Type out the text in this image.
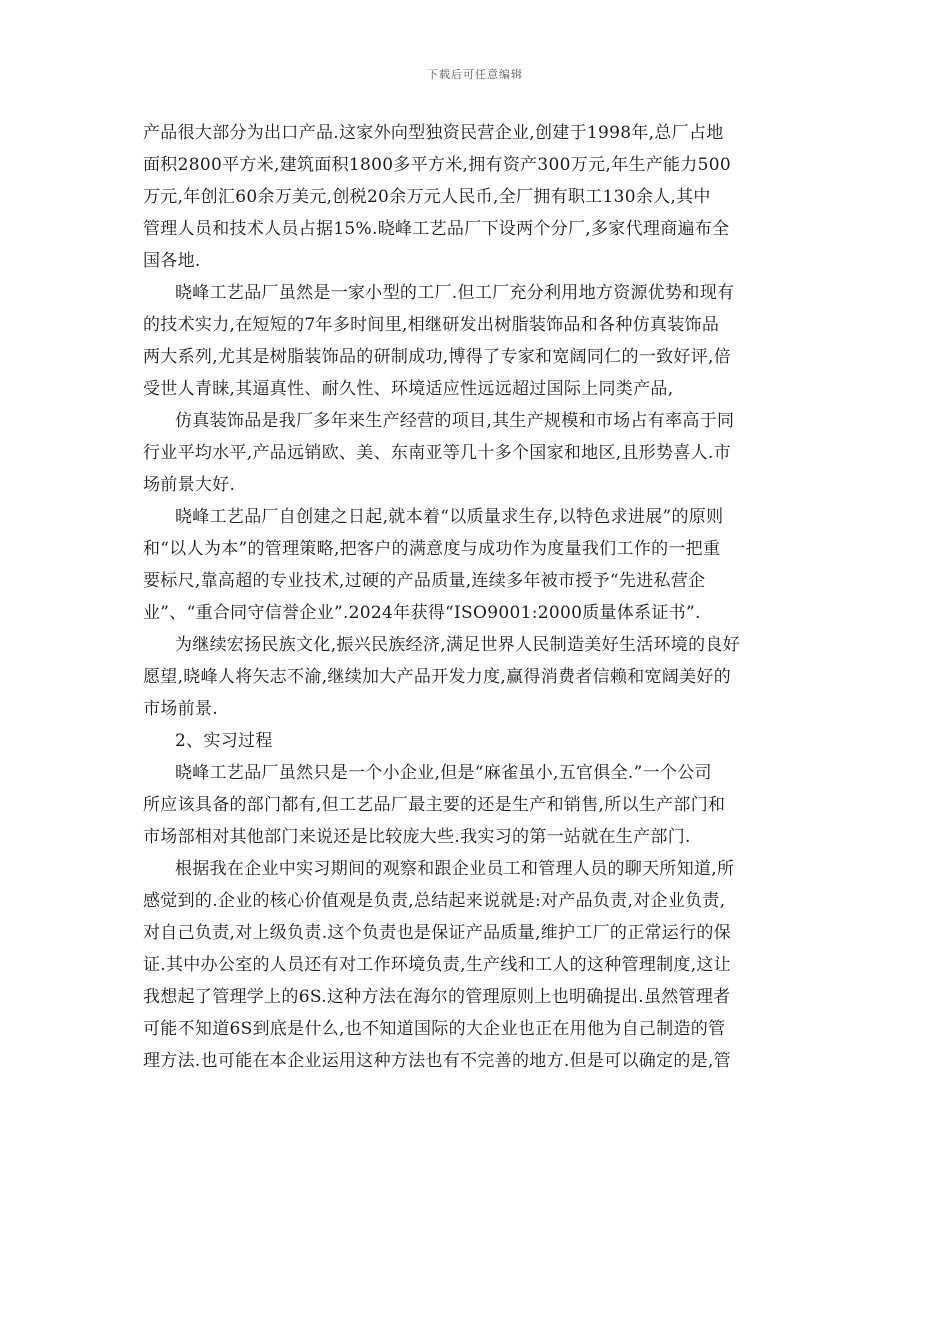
下载后可任意编辑
产品很大部分为出口产品.这家外向型独资民营企业,创建于1998年,总厂占地
面积2800平方米,建筑面积1800多平方米,拥有资产300万元,年生产能力500
万元,年创汇60余万美元,创税20余万元人民币,全厂拥有职工130余人,其中
管理人员和技术人员占据15%.晓峰工艺品厂下设两个分厂,多家代理商遍布全
国各地.
晓峰工艺品厂虽然是一家小型的工厂.但工厂充分利用地方资源优势和现有
的技术实力,在短短的7年多时间里,相继研发出树脂装饰品和各种仿真装饰品
两大系列,尤其是树脂装饰品的研制成功,博得了专家和宽阔同仁的一致好评,倍
受世人青睐,其逼真性、耐久性、环境适应性远远超过国际上同类产品,
仿真装饰品是我厂多年来生产经营的项目,其生产规模和市场占有率高于同
行业平均水平,产品远销欧、美、东南亚等几十多个国家和地区,且形势喜人.市
场前景大好.
晓峰工艺品厂自创建之日起,就本着“以质量求生存,以特色求进展”的原则
和“以人为本”的管理策略,把客户的满意度与成功作为度量我们工作的一把重
要标尺,靠高超的专业技术,过硬的产品质量,连续多年被市授予“先进私营企
业”、“重合同守信誉企业”.2024年获得“ISO9001:2000质量体系证书”.
为继续宏扬民族文化,振兴民族经济,满足世界人民制造美好生活环境的良好
愿望,晓峰人将矢志不渝,继续加大产品开发力度,赢得消费者信赖和宽阔美好的
市场前景.
2、实习过程
晓峰工艺品厂虽然只是一个小企业,但是“麻雀虽小,五官俱全.”一个公司
所应该具备的部门都有,但工艺品厂最主要的还是生产和销售,所以生产部门和
市场部相对其他部门来说还是比较庞大些.我实习的第一站就在生产部门.
根据我在企业中实习期间的观察和跟企业员工和管理人员的聊天所知道,所
感觉到的.企业的核心价值观是负责,总结起来说就是:对产品负责,对企业负责,
对自己负责,对上级负责.这个负责也是保证产品质量,维护工厂的正常运行的保
证.其中办公室的人员还有对工作环境负责,生产线和工人的这种管理制度,这让
我想起了管理学上的6S.这种方法在海尔的管理原则上也明确提出.虽然管理者
可能不知道6S到底是什么,也不知道国际的大企业也正在用他为自己制造的管
理方法.也可能在本企业运用这种方法也有不完善的地方.但是可以确定的是,管
